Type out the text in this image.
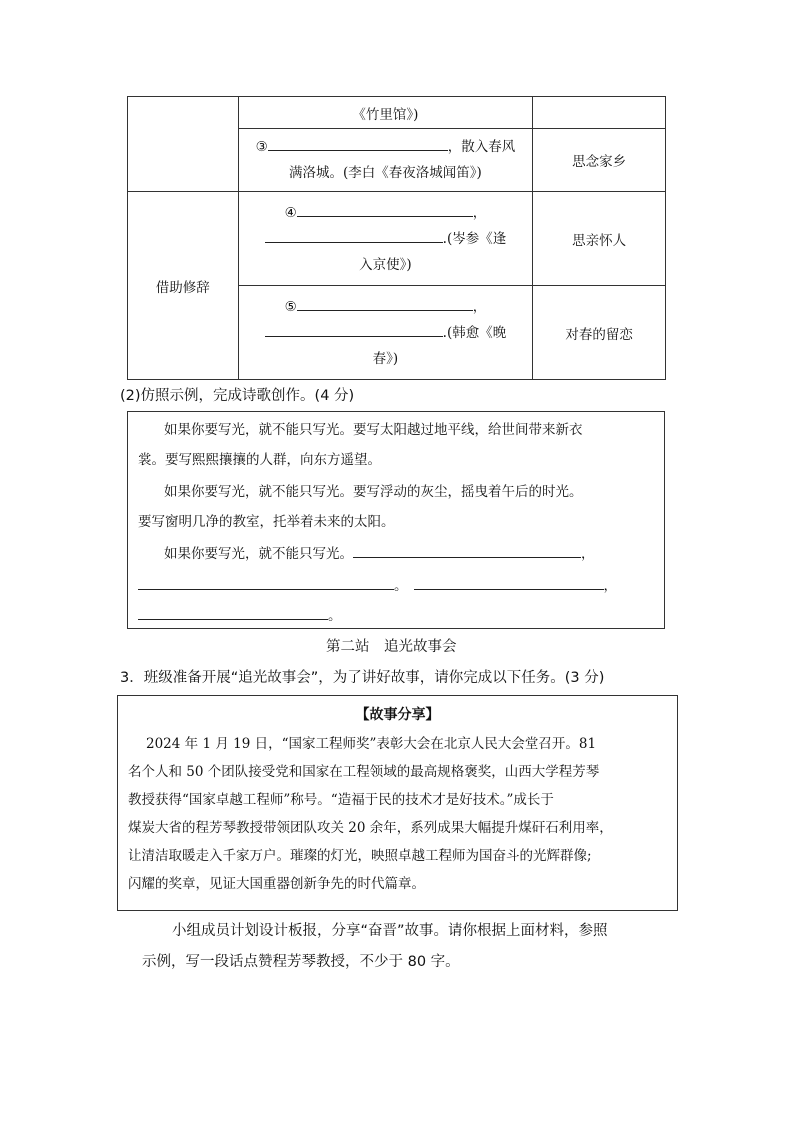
	《竹里馆》)	

	③ ，散入春风
满洛城。(李白《春夜洛城闻笛》)	思念家乡
借助修辞	④ ，
.(岑参《逢
入京使》)	思亲怀人

	⑤ ，
.(韩愈《晚
春》)	对春的留恋
(2)仿照示例，完成诗歌创作。(4 分)
如果你要写光，就不能只写光。要写太阳越过地平线，给世间带来新衣
裳。要写熙熙攘攘的人群，向东方遥望。
如果你要写光，就不能只写光。要写浮动的灰尘，摇曳着午后的时光。
要写窗明几净的教室，托举着未来的太阳。
如果你要写光，就不能只写光。	，
。	，
。
第二站　追光故事会
3．班级准备开展“追光故事会”，为了讲好故事，请你完成以下任务。(3 分)
【故事分享】
2024 年 1 月 19 日，“国家工程师奖”表彰大会在北京人民大会堂召开。81
名个人和 50 个团队接受党和国家在工程领域的最高规格褒奖，山西大学程芳琴
教授获得“国家卓越工程师”称号。“造福于民的技术才是好技术。”成长于
煤炭大省的程芳琴教授带领团队攻关 20 余年，系列成果大幅提升煤矸石利用率，
让清洁取暖走入千家万户。璀璨的灯光，映照卓越工程师为国奋斗的光辉群像;
闪耀的奖章，见证大国重器创新争先的时代篇章。
小组成员计划设计板报，分享“奋晋”故事。请你根据上面材料，参照
示例，写一段话点赞程芳琴教授，不少于 80 字。
